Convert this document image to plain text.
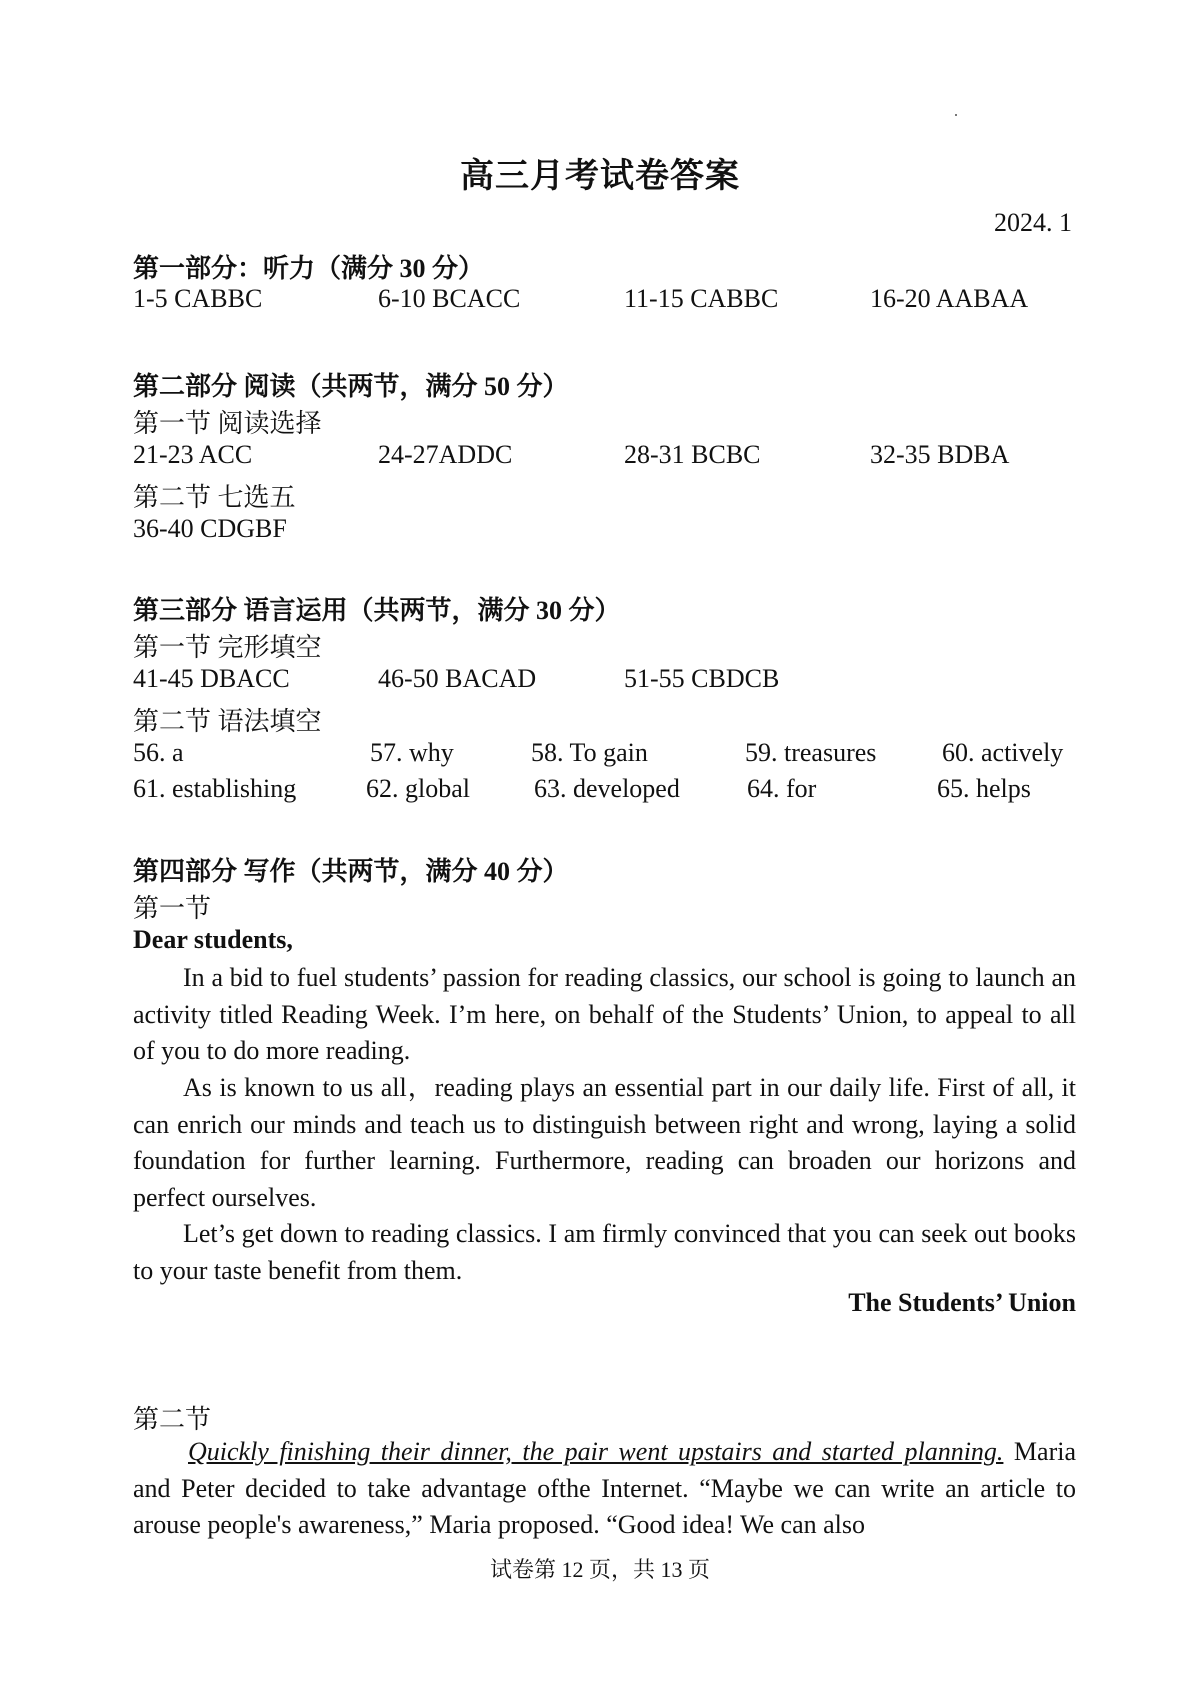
高三月考试卷答案
2024. 1
第一部分：听力（满分 30 分）
1-5 CABBC	6-10 BCACC	11-15 CABBC	16-20 AABAA
第二部分 阅读（共两节，满分 50 分）
第一节 阅读选择
21-23 ACC	24-27ADDC	28-31 BCBC	32-35 BDBA
第二节 七选五
36-40 CDGBF
第三部分 语言运用（共两节，满分 30 分）
第一节 完形填空
41-45 DBACC	46-50 BACAD	51-55 CBDCB
第二节 语法填空
56. a	57. why	58. To gain	59. treasures	60. actively
61. establishing	62. global 63. developed	64. for	65. helps
第四部分 写作（共两节，满分 40 分）
第一节
Dear students,

In a bid to fuel students’ passion for reading classics, our school is going to launch an activity titled Reading Week. I’m here, on behalf of the Students’ Union, to appeal to all of you to do more reading.

As is known to us all，reading plays an essential part in our daily life. First of all, it can enrich our minds and teach us to distinguish between right and wrong, laying a solid foundation for further learning. Furthermore, reading can broaden our horizons and perfect ourselves.

Let’s get down to reading classics. I am firmly convinced that you can seek out books to your taste benefit from them.

The Students’ Union
第二节

Quickly finishing their dinner, the pair went upstairs and started planning. Maria and Peter decided to take advantage ofthe Internet. “Maybe we can write an article to arouse people's awareness,” Maria proposed. “Good idea! We can also

试卷第 12 页，共 13 页
